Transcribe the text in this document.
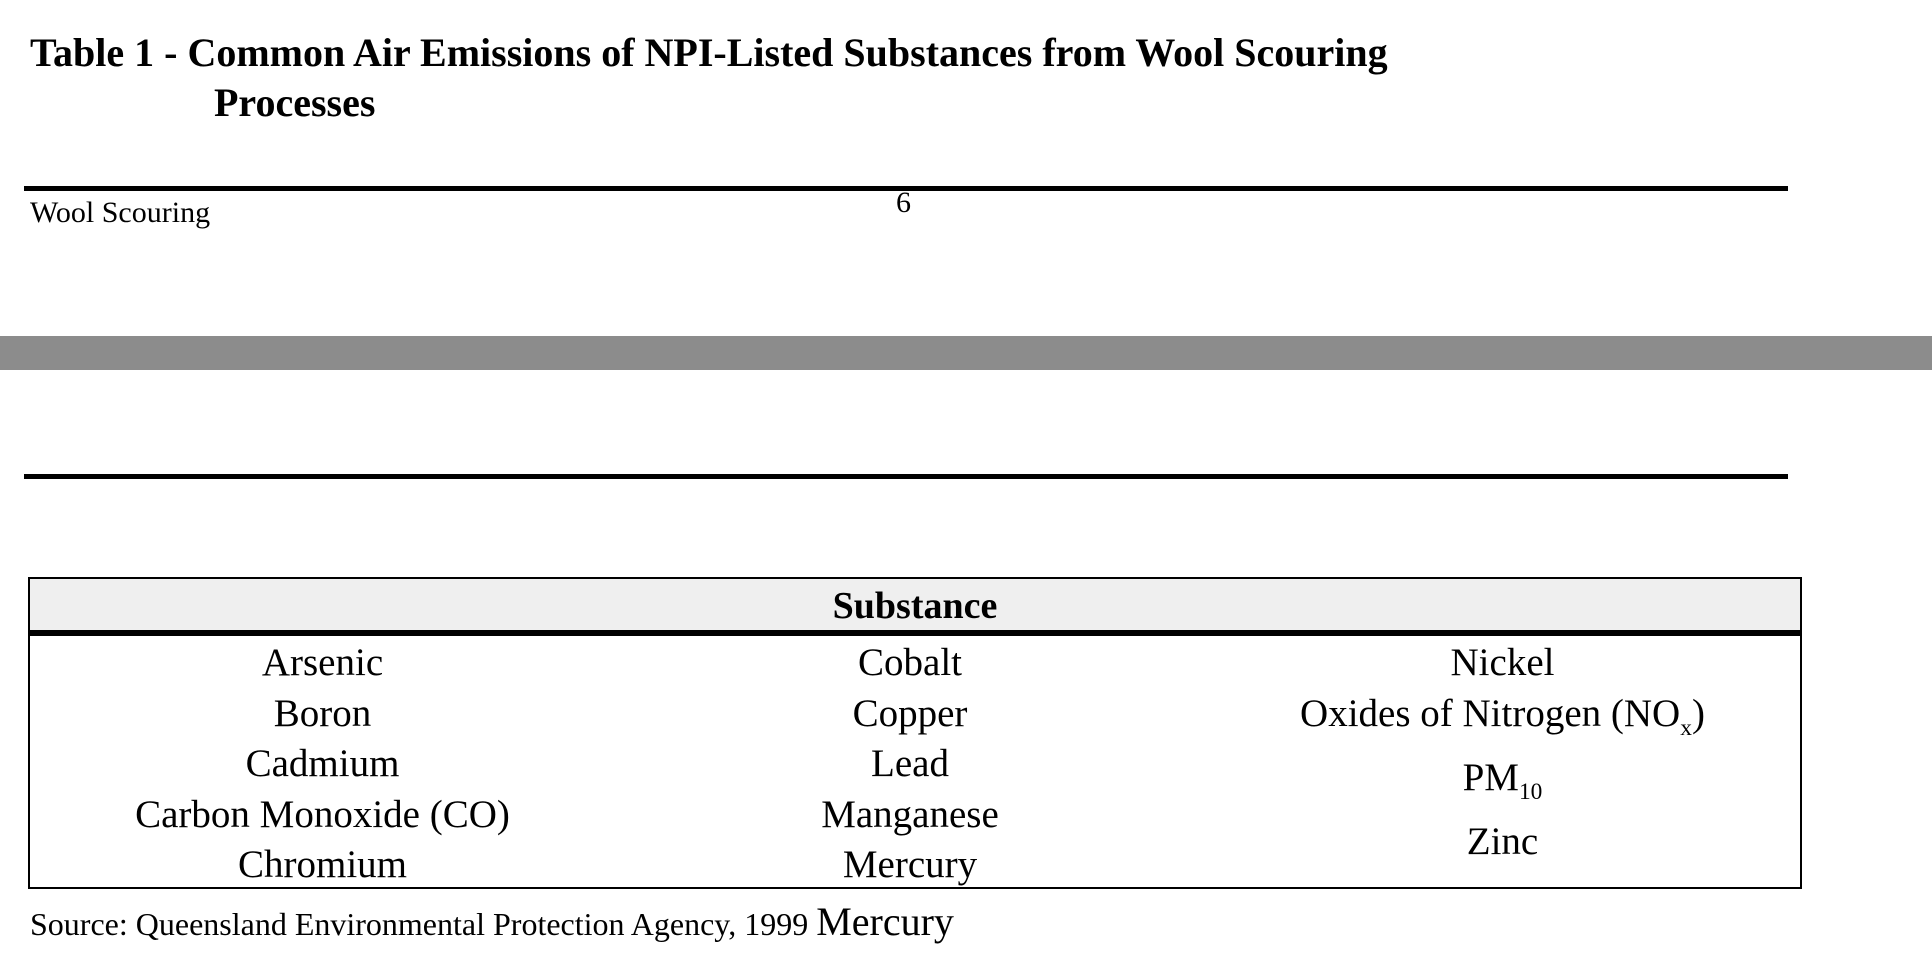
Table 1 - Common Air Emissions of NPI-Listed Substances from Wool Scouring
Processes
Wool Scouring	6
Substance
Arsenic
Boron
Cadmium
Carbon Monoxide (CO)
Chromium
Cobalt
Copper
Lead
Manganese
Mercury
Nickel
Oxides of Nitrogen $(NO_x)$
$PM_{10}$
Zinc
Source: Queensland Environmental Protection Agency, 1999 Mercury
